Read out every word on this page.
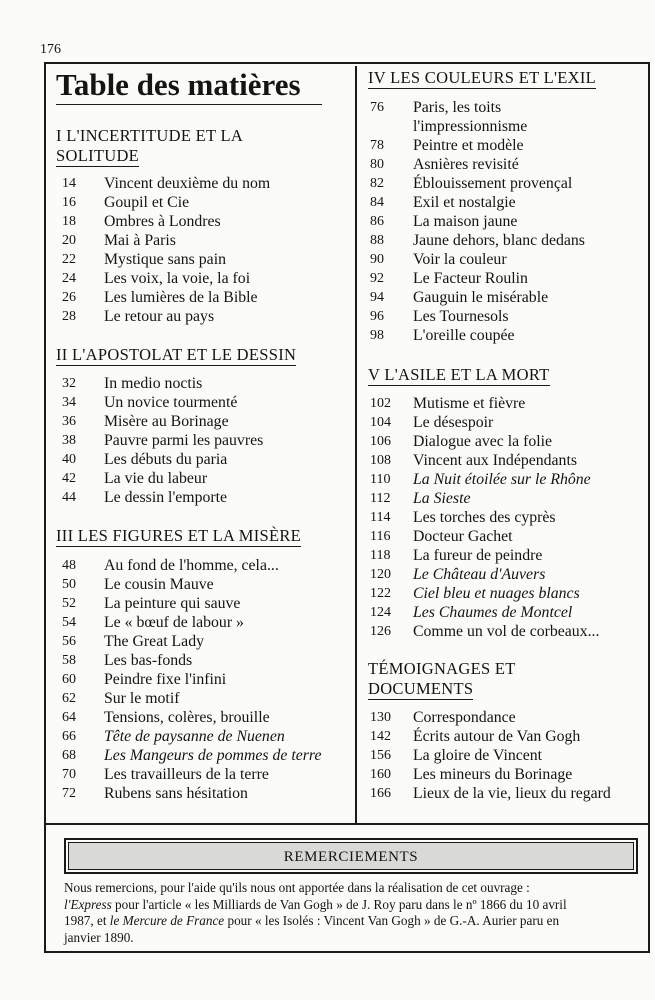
176
Table des matières
I L'INCERTITUDE ET LA
SOLITUDE
14	Vincent deuxième du nom
16	Goupil et Cie
18	Ombres à Londres
20	Mai à Paris
22	Mystique sans pain
24	Les voix, la voie, la foi
26	Les lumières de la Bible
28	Le retour au pays
II L'APOSTOLAT ET LE DESSIN
32	In medio noctis
34	Un novice tourmenté
36	Misère au Borinage
38	Pauvre parmi les pauvres
40	Les débuts du paria
42	La vie du labeur
44	Le dessin l'emporte
III LES FIGURES ET LA MISÈRE
48	Au fond de l'homme, cela...
50	Le cousin Mauve
52	La peinture qui sauve
54	Le « bœuf de labour »
56	The Great Lady
58	Les bas-fonds
60	Peindre fixe l'infini
62	Sur le motif
64	Tensions, colères, brouille
66	Tête de paysanne de Nuenen
68	Les Mangeurs de pommes de terre
70	Les travailleurs de la terre
72	Rubens sans hésitation
IV LES COULEURS ET L'EXIL
76	Paris, les toits l'impressionnisme
78	Peintre et modèle
80	Asnières revisité
82	Éblouissement provençal
84	Exil et nostalgie
86	La maison jaune
88	Jaune dehors, blanc dedans
90	Voir la couleur
92	Le Facteur Roulin
94	Gauguin le misérable
96	Les Tournesols
98	L'oreille coupée
V L'ASILE ET LA MORT
102	Mutisme et fièvre
104	Le désespoir
106	Dialogue avec la folie
108	Vincent aux Indépendants
110	La Nuit étoilée sur le Rhône
112	La Sieste
114	Les torches des cyprès
116	Docteur Gachet
118	La fureur de peindre
120	Le Château d'Auvers
122	Ciel bleu et nuages blancs
124	Les Chaumes de Montcel
126	Comme un vol de corbeaux...
TÉMOIGNAGES ET
DOCUMENTS
130	Correspondance
142	Écrits autour de Van Gogh
156	La gloire de Vincent
160	Les mineurs du Borinage
166	Lieux de la vie, lieux du regard
REMERCIEMENTS
Nous remercions, pour l'aide qu'ils nous ont apportée dans la réalisation de cet ouvrage :
l'Express pour l'article « les Milliards de Van Gogh » de J. Roy paru dans le nº 1866 du 10 avril
1987, et le Mercure de France pour « les Isolés : Vincent Van Gogh » de G.-A. Aurier paru en
janvier 1890.
